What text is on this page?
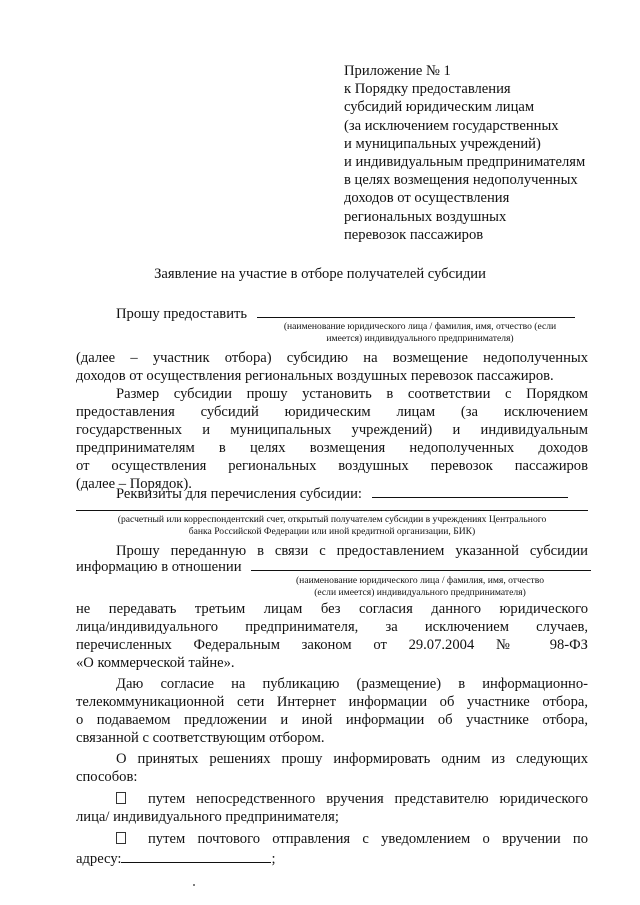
Приложение № 1
к Порядку предоставления
субсидий юридическим лицам
(за исключением государственных
и муниципальных учреждений)
и индивидуальным предпринимателям
в целях возмещения недополученных
доходов от осуществления
региональных воздушных
перевозок пассажиров
Заявление на участие в отборе получателей субсидии
Прошу предоставить
(наименование юридического лица / фамилия, имя, отчество (если
имеется) индивидуального предпринимателя)
(далее – участник отбора) субсидию на возмещение недополученных
доходов от осуществления региональных воздушных перевозок пассажиров.
Размер субсидии прошу установить в соответствии с Порядком
предоставления субсидий юридическим лицам (за исключением
государственных и муниципальных учреждений) и индивидуальным
предпринимателям в целях возмещения недополученных доходов
от осуществления региональных воздушных перевозок пассажиров
(далее – Порядок).
Реквизиты для перечисления субсидии:
(расчетный или корреспондентский счет, открытый получателем субсидии в учреждениях Центрального
банка Российской Федерации или иной кредитной организации, БИК)
Прошу переданную в связи с предоставлением указанной субсидии
информацию в отношении
(наименование юридического лица / фамилия, имя, отчество
(если имеется) индивидуального предпринимателя)
не передавать третьим лицам без согласия данного юридического
лица/индивидуального предпринимателя, за исключением случаев,
перечисленных Федеральным законом от 29.07.2004 № 98-ФЗ
«О коммерческой тайне».
Даю согласие на публикацию (размещение) в информационно-
телекоммуникационной сети Интернет информации об участнике отбора,
о подаваемом предложении и иной информации об участнике отбора,
связанной с соответствующим отбором.
О принятых решениях прошу информировать одним из следующих
способов:
путем непосредственного вручения представителю юридического
лица/ индивидуального предпринимателя;
путем почтового отправления с уведомлением о вручении по
адресу:	;
